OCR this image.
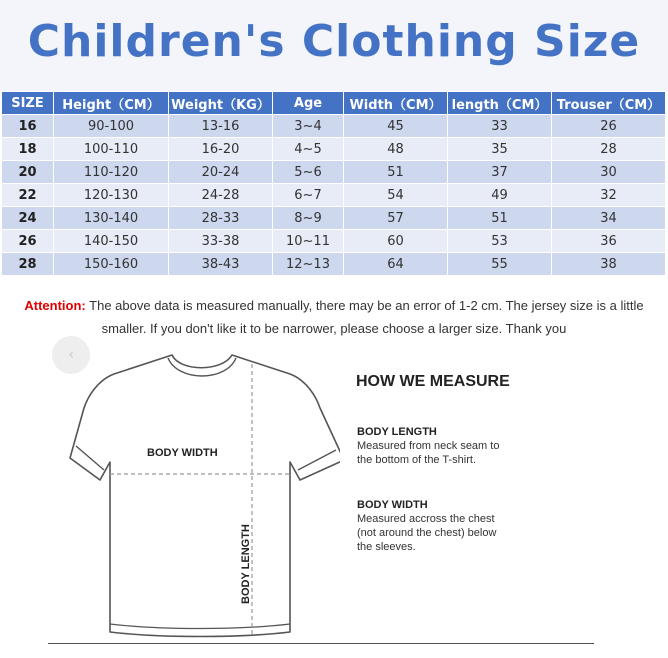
Children's Clothing Size
SIZE	Height（CM）	Weight（KG）	Age	Width（CM）	length（CM）	Trouser（CM）
16	90-100	13-16	3~4	45	33	26
18	100-110	16-20	4~5	48	35	28
20	110-120	20-24	5~6	51	37	30
22	120-130	24-28	6~7	54	49	32
24	130-140	28-33	8~9	57	51	34
26	140-150	33-38	10~11	60	53	36
28	150-160	38-43	12~13	64	55	38
Attention: The above data is measured manually, there may be an error of 1-2 cm. The jersey size is a little smaller. If you don't like it to be narrower, please choose a larger size. Thank you
‹
BODY WIDTH
BODY LENGTH
HOW WE MEASURE
BODY LENGTH
Measured from neck seam to
the bottom of the T-shirt.
BODY WIDTH
Measured accross the chest
(not around the chest) below
the sleeves.
